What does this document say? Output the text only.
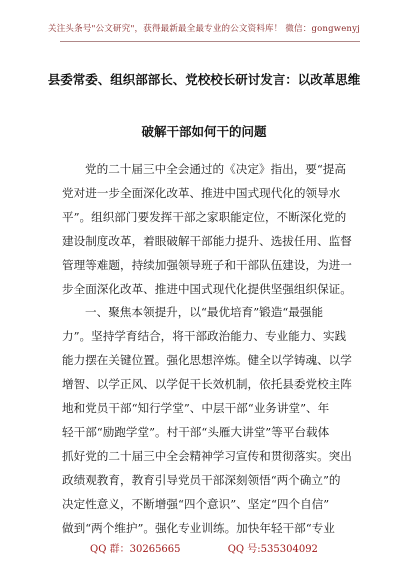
关注头条号"公文研究"，获得最新最全最专业的公文资料库！ 微信：gongwenyj
县委常委、组织部部长、党校校长研讨发言：以改革思维
破解干部如何干的问题
党的二十届三中全会通过的《决定》指出，要“提高
党对进一步全面深化改革、推进中国式现代化的领导水
平”。组织部门要发挥干部之家职能定位，不断深化党的
建设制度改革，着眼破解干部能力提升、选拔任用、监督
管理等难题，持续加强领导班子和干部队伍建设，为进一
步全面深化改革、推进中国式现代化提供坚强组织保证。
一、聚焦本领提升，以“最优培育”锻造“最强能
力”。坚持学育结合，将干部政治能力、专业能力、实践
能力摆在关键位置。强化思想淬炼。健全以学铸魂、以学
增智、以学正风、以学促干长效机制，依托县委党校主阵
地和党员干部“知行学堂”、中层干部“业务讲堂”、年
轻干部“励跑学堂”。村干部“头雁大讲堂”等平台载体
抓好党的二十届三中全会精神学习宣传和贯彻落实。突出
政绩观教育，教育引导党员干部深刻领悟“两个确立”的
决定性意义，不断增强“四个意识”、坚定“四个自信”
做到“两个维护”。强化专业训练。加快年轻干部“专业
QQ 群：30265665	QQ 号:535304092
